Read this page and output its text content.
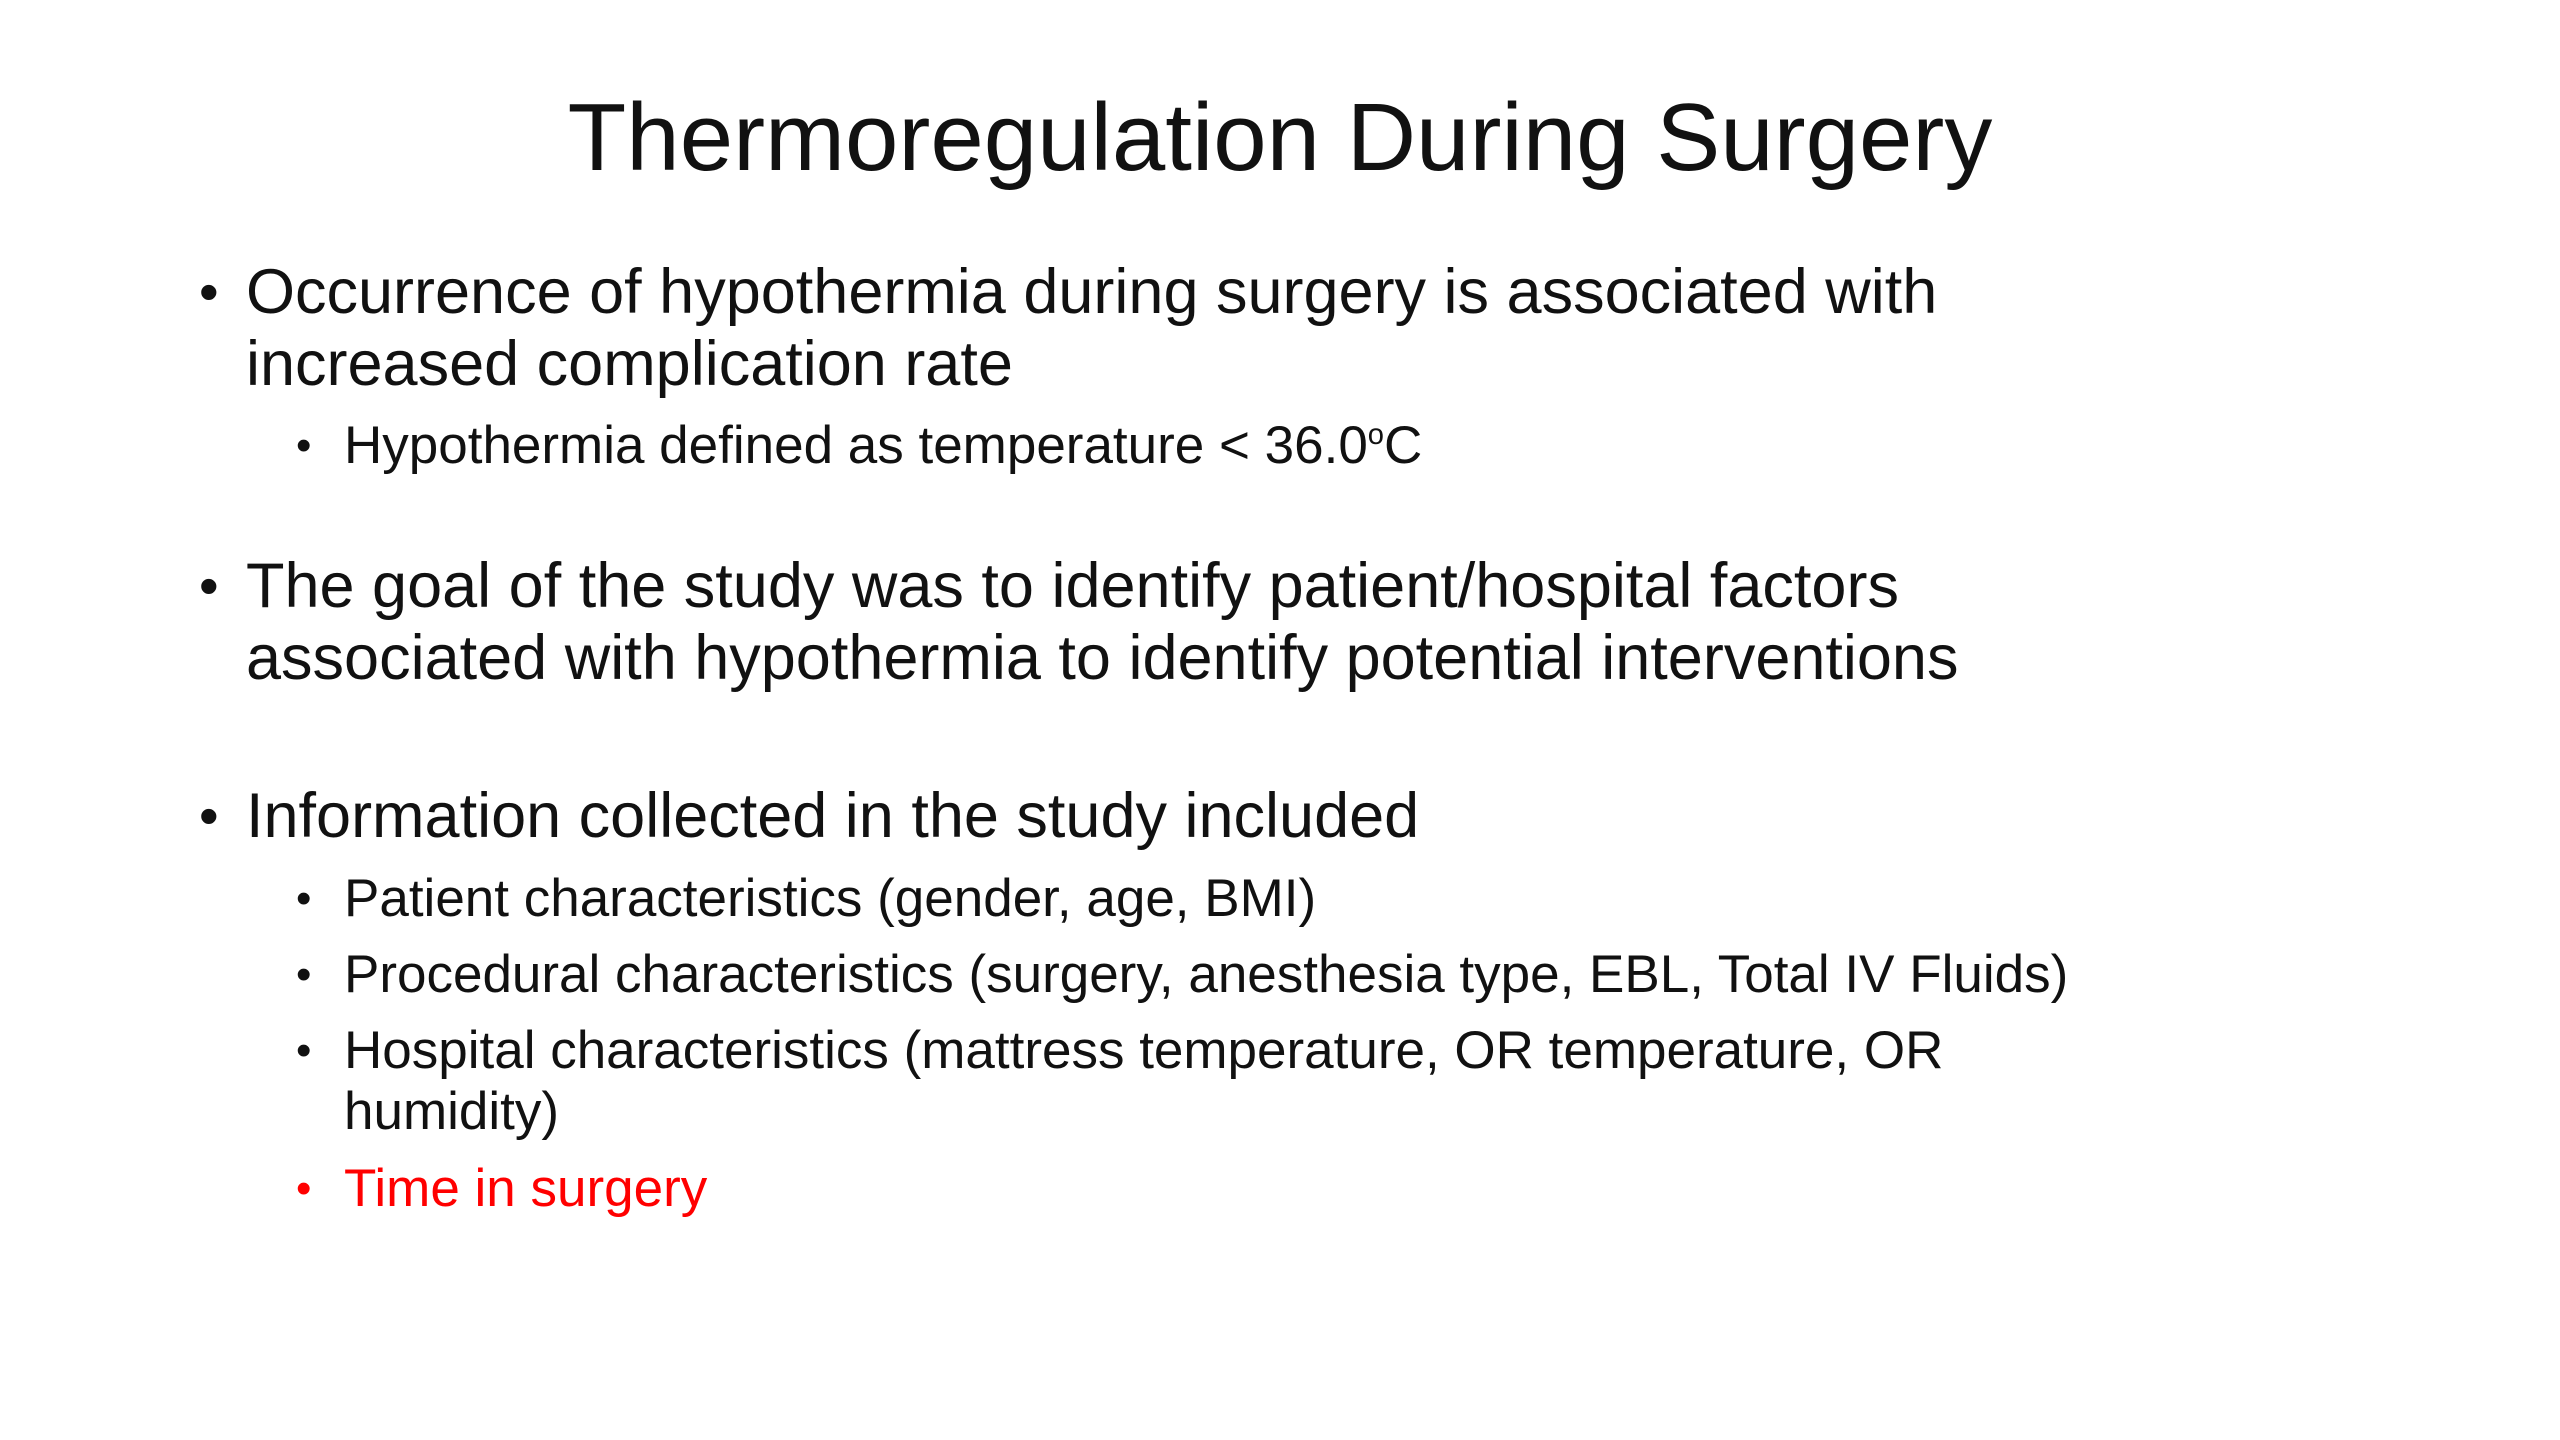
Thermoregulation During Surgery
• Occurrence of hypothermia during surgery is associated with
increased complication rate
• Hypothermia defined as temperature < $36.0^oC$
• The goal of the study was to identify patient/hospital factors
associated with hypothermia to identify potential interventions
• Information collected in the study included
• Patient characteristics (gender, age, BMI)
• Procedural characteristics (surgery, anesthesia type, EBL, Total IV Fluids)
• Hospital characteristics (mattress temperature, OR temperature, OR
humidity)
• Time in surgery
